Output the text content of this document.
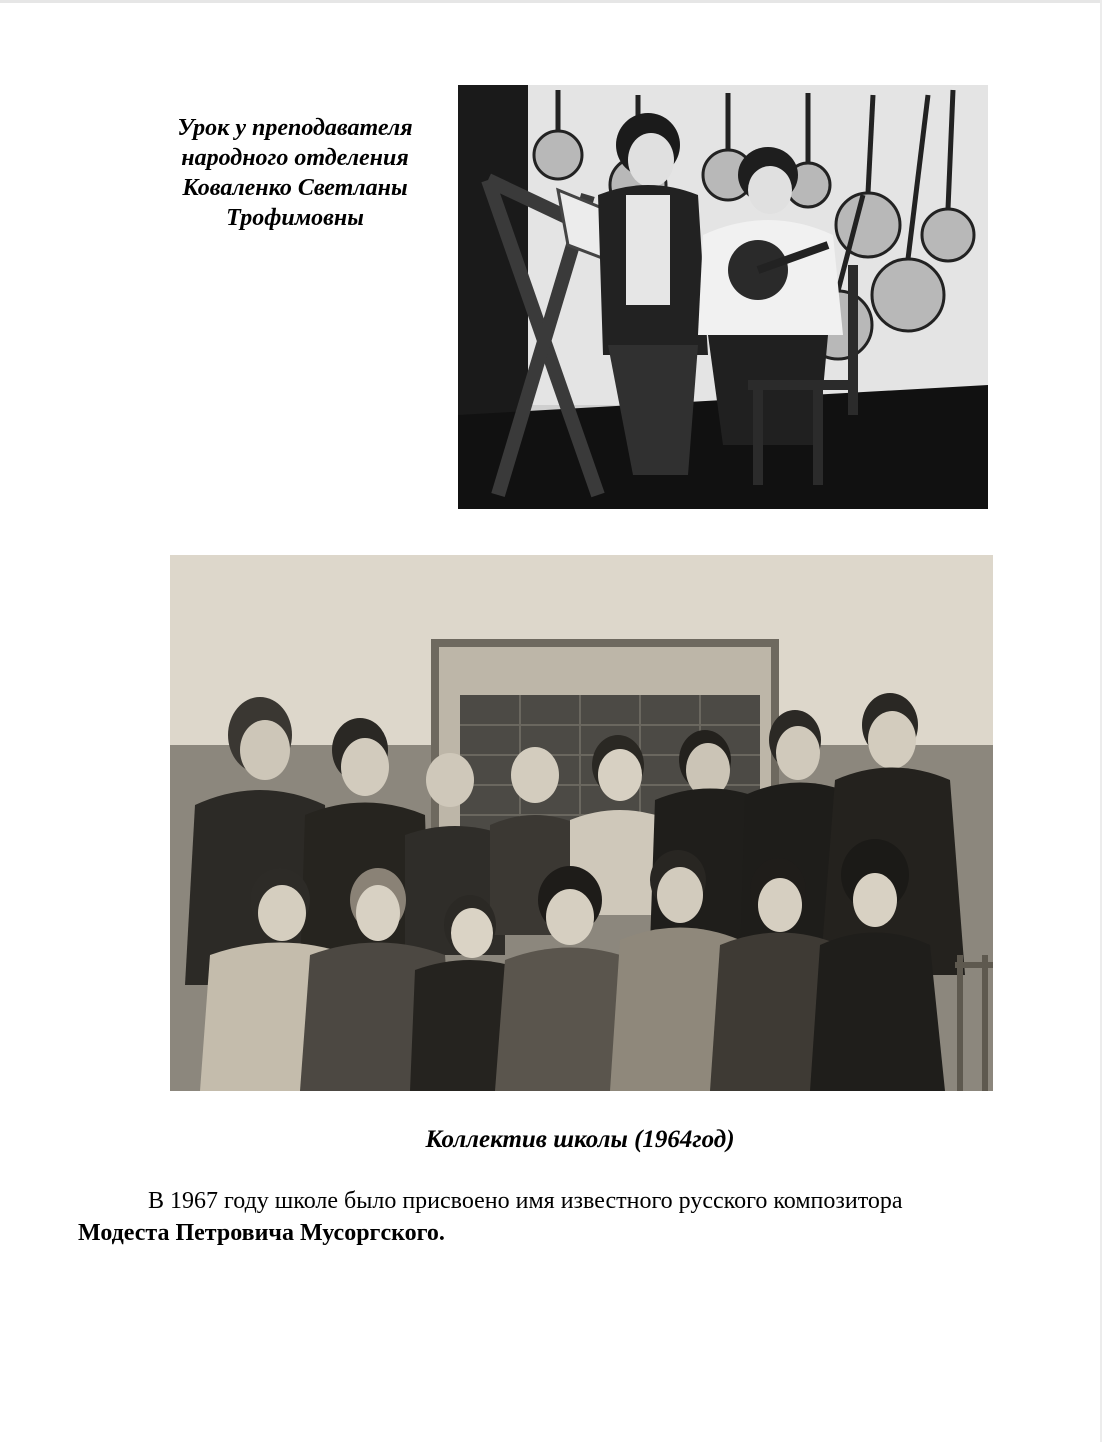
Урок у преподавателя
народного отделения
Коваленко Светланы
Трофимовны
Коллектив школы (1964год)
В 1967 году школе было присвоено имя известного русского композитора
Модеста Петровича Мусоргского.
